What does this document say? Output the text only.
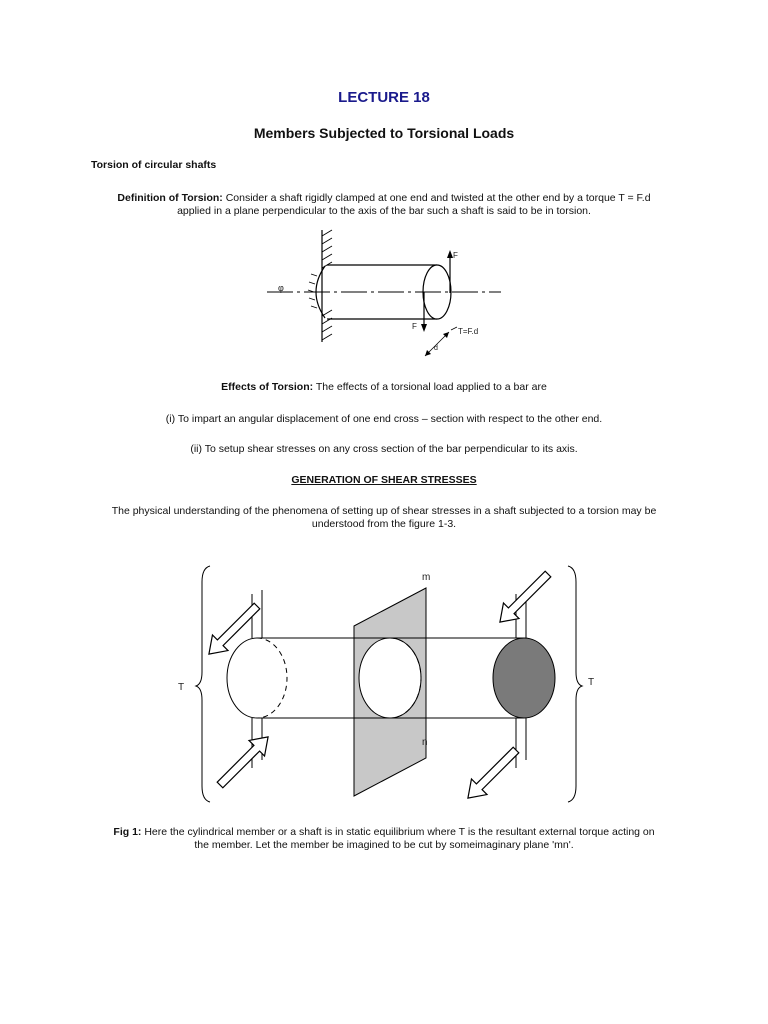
LECTURE 18
Members Subjected to Torsional Loads
Torsion of circular shafts
Definition of Torsion: Consider a shaft rigidly clamped at one end and twisted at the other end by a torque T = F.d
applied in a plane perpendicular to the axis of the bar such a shaft is said to be in torsion.
φ
F
F
d
T=F.d
Effects of Torsion: The effects of a torsional load applied to a bar are
(i) To impart an angular displacement of one end cross – section with respect to the other end.
(ii) To setup shear stresses on any cross section of the bar perpendicular to its axis.
GENERATION OF SHEAR STRESSES
The physical understanding of the phenomena of setting up of shear stresses in a shaft subjected to a torsion may be
understood from the figure 1-3.
T	T
m
n
Fig 1: Here the cylindrical member or a shaft is in static equilibrium where T is the resultant external torque acting on
the member. Let the member be imagined to be cut by someimaginary plane 'mn'.
